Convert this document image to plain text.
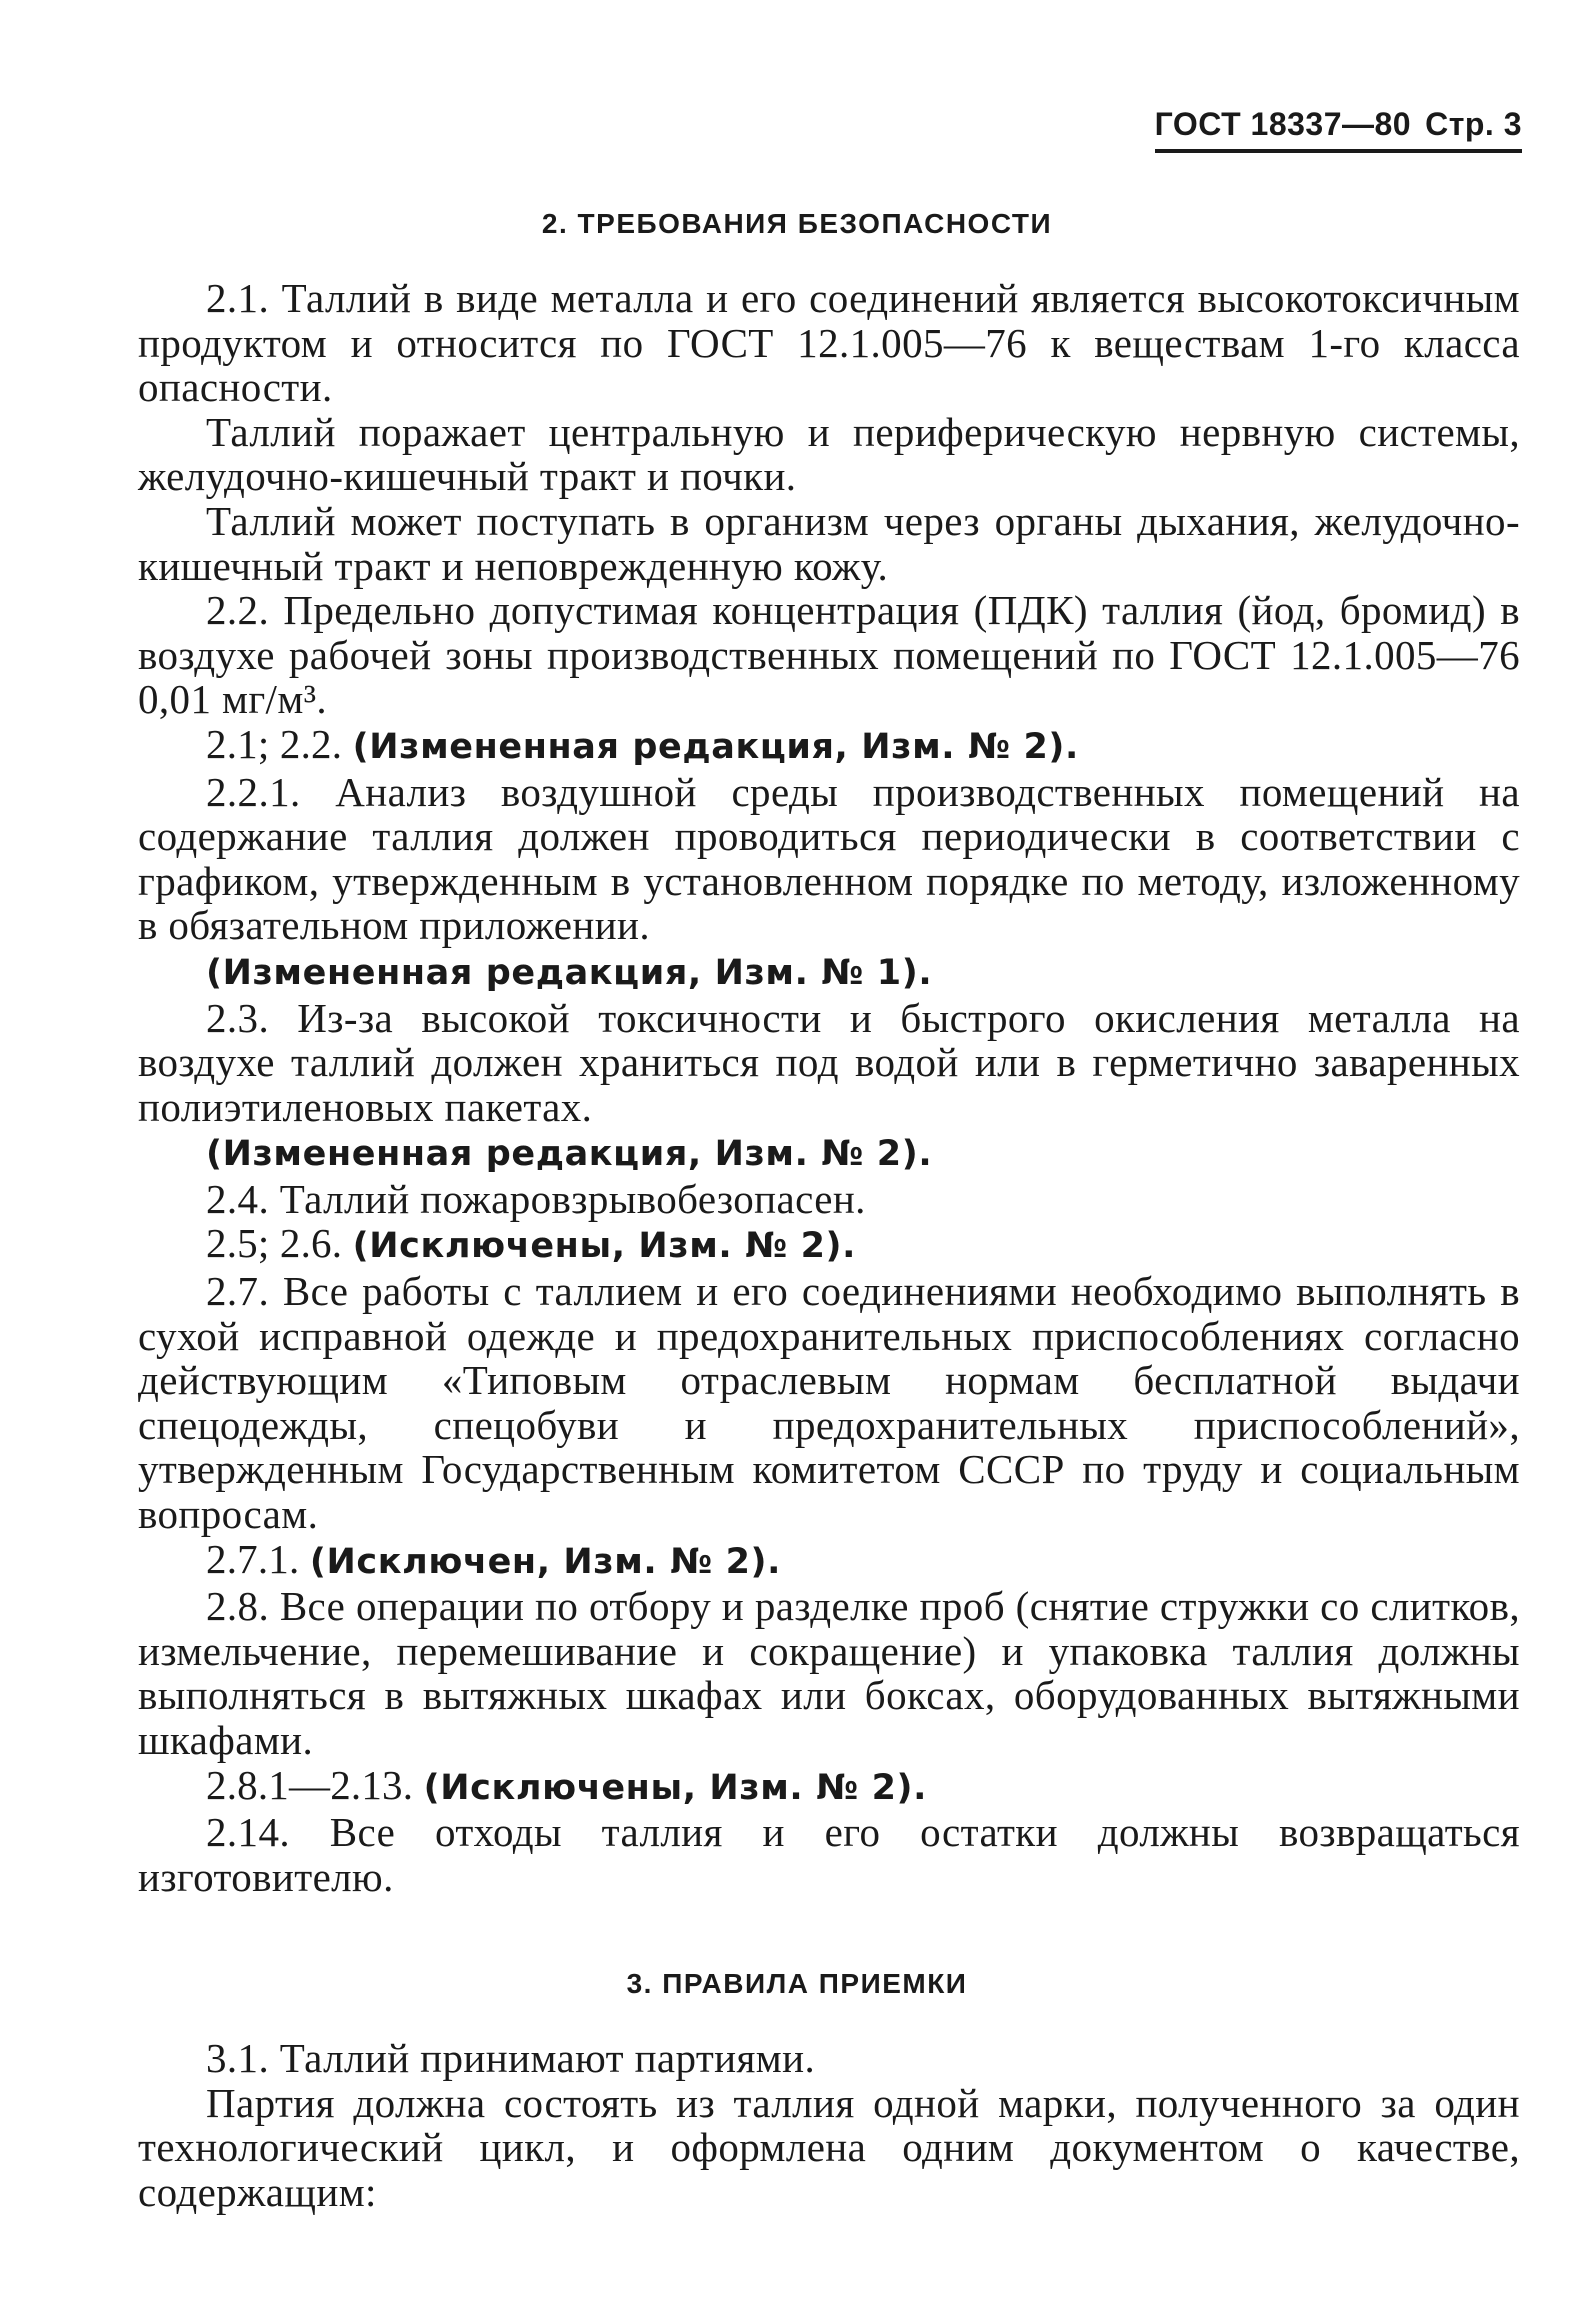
ГОСТ 18337—80 Стр. 3
2. ТРЕБОВАНИЯ БЕЗОПАСНОСТИ

2.1. Таллий в виде металла и его соединений является высокотоксичным продуктом и относится по ГОСТ 12.1.005—76 к веществам 1-го класса опасности.

Таллий поражает центральную и периферическую нервную системы, желудочно-кишечный тракт и почки.

Таллий может поступать в организм через органы дыхания, желудочно-кишечный тракт и неповрежденную кожу.

2.2. Предельно допустимая концентрация (ПДК) таллия (йод, бромид) в воздухе рабочей зоны производственных помещений по ГОСТ 12.1.005—76 0,01 мг/м³.

2.1; 2.2. (Измененная редакция, Изм. № 2).

2.2.1. Анализ воздушной среды производственных помещений на содержание таллия должен проводиться периодически в соответствии с графиком, утвержденным в установленном порядке по методу, изложенному в обязательном приложении.

(Измененная редакция, Изм. № 1).

2.3. Из-за высокой токсичности и быстрого окисления металла на воздухе таллий должен храниться под водой или в герметично заваренных полиэтиленовых пакетах.

(Измененная редакция, Изм. № 2).

2.4. Таллий пожаровзрывобезопасен.

2.5; 2.6. (Исключены, Изм. № 2).

2.7. Все работы с таллием и его соединениями необходимо выполнять в сухой исправной одежде и предохранительных приспособлениях согласно действующим «Типовым отраслевым нормам бесплатной выдачи спецодежды, спецобуви и предохранительных приспособлений», утвержденным Государственным комитетом СССР по труду и социальным вопросам.

2.7.1. (Исключен, Изм. № 2).

2.8. Все операции по отбору и разделке проб (снятие стружки со слитков, измельчение, перемешивание и сокращение) и упаковка таллия должны выполняться в вытяжных шкафах или боксах, оборудованных вытяжными шкафами.

2.8.1—2.13. (Исключены, Изм. № 2).

2.14. Все отходы таллия и его остатки должны возвращаться изготовителю.

3. ПРАВИЛА ПРИЕМКИ

3.1. Таллий принимают партиями.

Партия должна состоять из таллия одной марки, полученного за один технологический цикл, и оформлена одним документом о качестве, содержащим:
